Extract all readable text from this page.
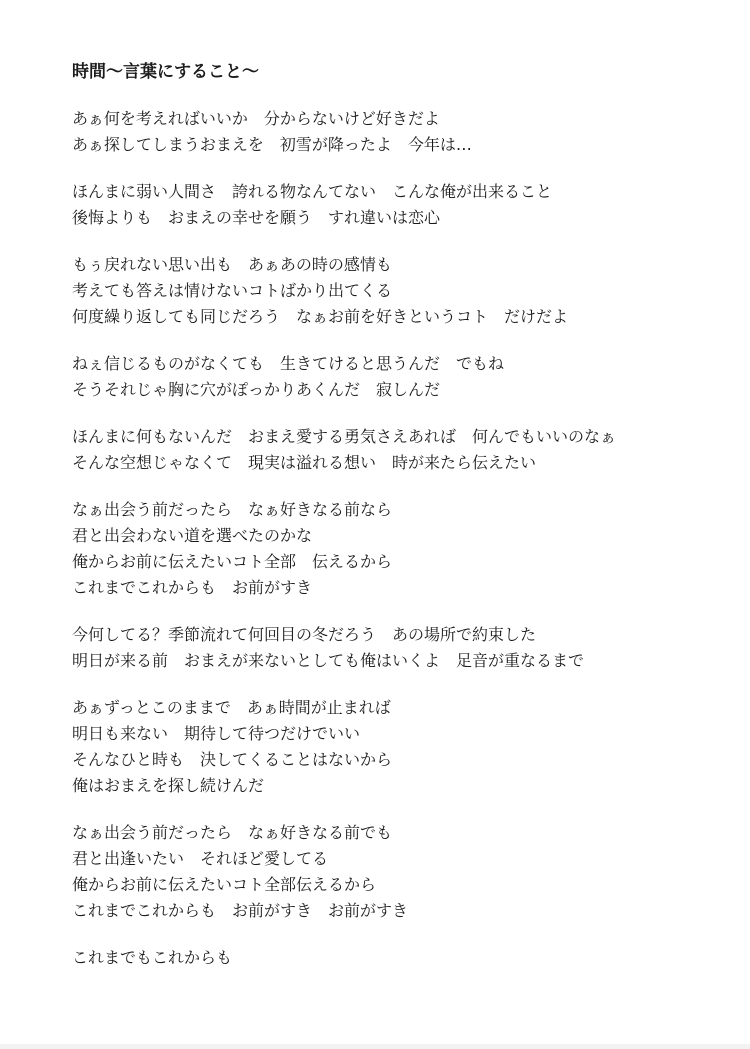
時間〜言葉にすること〜
あぁ何を考えればいいか　分からないけど好きだよ
あぁ探してしまうおまえを　初雪が降ったよ　今年は…
ほんまに弱い人間さ　誇れる物なんてない　こんな俺が出来ること
後悔よりも　おまえの幸せを願う　すれ違いは恋心
もぅ戻れない思い出も　あぁあの時の感情も
考えても答えは情けないコトばかり出てくる
何度繰り返しても同じだろう　なぁお前を好きというコト　だけだよ
ねぇ信じるものがなくても　生きてけると思うんだ　でもね
そうそれじゃ胸に穴がぽっかりあくんだ　寂しんだ
ほんまに何もないんだ　おまえ愛する勇気さえあれば　何んでもいいのなぁ
そんな空想じゃなくて　現実は溢れる想い　時が来たら伝えたい
なぁ出会う前だったら　なぁ好きなる前なら
君と出会わない道を選べたのかな
俺からお前に伝えたいコト全部　伝えるから
これまでこれからも　お前がすき
今何してる？季節流れて何回目の冬だろう　あの場所で約束した
明日が来る前　おまえが来ないとしても俺はいくよ　足音が重なるまで
あぁずっとこのままで　あぁ時間が止まれば
明日も来ない　期待して待つだけでいい
そんなひと時も　決してくることはないから
俺はおまえを探し続けんだ
なぁ出会う前だったら　なぁ好きなる前でも
君と出逢いたい　それほど愛してる
俺からお前に伝えたいコト全部伝えるから
これまでこれからも　お前がすき　お前がすき
これまでもこれからも
